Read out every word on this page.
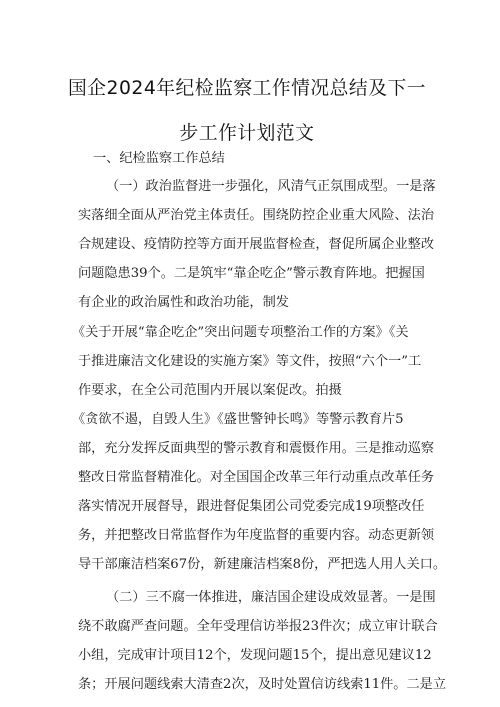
国企2024年纪检监察工作情况总结及下一
步工作计划范文
一、纪检监察工作总结
（一）政治监督进一步强化，风清气正氛围成型。一是落
实落细全面从严治党主体责任。围绕防控企业重大风险、法治
合规建设、疫情防控等方面开展监督检查，督促所属企业整改
问题隐患39个。二是筑牢“靠企吃企”警示教育阵地。把握国
有企业的政治属性和政治功能，制发
《关于开展“靠企吃企”突出问题专项整治工作的方案》《关
于推进廉洁文化建设的实施方案》等文件，按照“六个一”工
作要求，在全公司范围内开展以案促改。拍摄
《贪欲不遏，自毁人生》《盛世警钟长鸣》等警示教育片5
部，充分发挥反面典型的警示教育和震慑作用。三是推动巡察
整改日常监督精准化。对全国国企改革三年行动重点改革任务
落实情况开展督导，跟进督促集团公司党委完成19项整改任
务，并把整改日常监督作为年度监督的重要内容。动态更新领
导干部廉洁档案67份，新建廉洁档案8份，严把选人用人关口。
（二）三不腐一体推进，廉洁国企建设成效显著。一是围
绕不敢腐严查问题。全年受理信访举报23件次；成立审计联合
小组，完成审计项目12个，发现问题15个，提出意见建议12
条；开展问题线索大清查2次，及时处置信访线索11件。二是立
